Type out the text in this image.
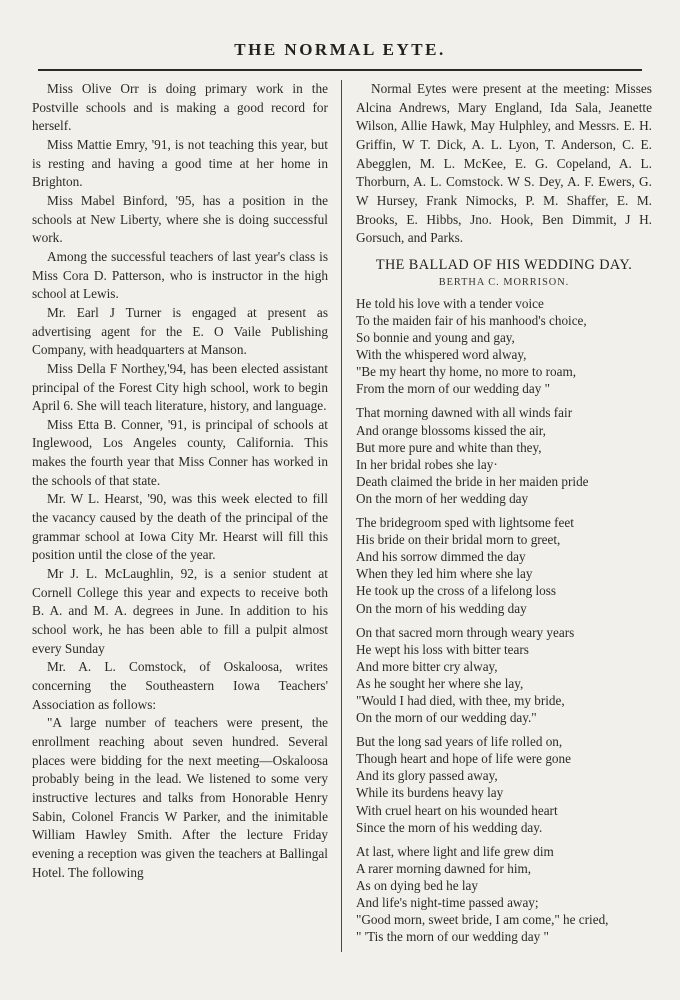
THE NORMAL EYTE.

Miss Olive Orr is doing primary work in the Postville schools and is making a good record for herself.

Miss Mattie Emry, '91, is not teaching this year, but is resting and having a good time at her home in Brighton.

Miss Mabel Binford, '95, has a position in the schools at New Liberty, where she is doing successful work.

Among the successful teachers of last year's class is Miss Cora D. Patterson, who is instructor in the high school at Lewis.

Mr. Earl J Turner is engaged at present as advertising agent for the E. O Vaile Publishing Company, with headquarters at Manson.

Miss Della F Northey,'94, has been elected assistant principal of the Forest City high school, work to begin April 6. She will teach literature, history, and language.

Miss Etta B. Conner, '91, is principal of schools at Inglewood, Los Angeles county, California. This makes the fourth year that Miss Conner has worked in the schools of that state.

Mr. W L. Hearst, '90, was this week elected to fill the vacancy caused by the death of the principal of the grammar school at Iowa City Mr. Hearst will fill this position until the close of the year.

Mr J. L. McLaughlin, 92, is a senior student at Cornell College this year and expects to receive both B. A. and M. A. degrees in June. In addition to his school work, he has been able to fill a pulpit almost every Sunday

Mr. A. L. Comstock, of Oskaloosa, writes concerning the Southeastern Iowa Teachers' Association as follows:

"A large number of teachers were present, the enrollment reaching about seven hundred. Several places were bidding for the next meeting—Oskaloosa probably being in the lead. We listened to some very instructive lectures and talks from Honorable Henry Sabin, Colonel Francis W Parker, and the inimitable William Hawley Smith. After the lecture Friday evening a reception was given the teachers at Ballingal Hotel. The following

Normal Eytes were present at the meeting: Misses Alcina Andrews, Mary England, Ida Sala, Jeanette Wilson, Allie Hawk, May Hulphley, and Messrs. E. H. Griffin, W T. Dick, A. L. Lyon, T. Anderson, C. E. Abegglen, M. L. McKee, E. G. Copeland, A. L. Thorburn, A. L. Comstock. W S. Dey, A. F. Ewers, G. W Hursey, Frank Nimocks, P. M. Shaffer, E. M. Brooks, E. Hibbs, Jno. Hook, Ben Dimmit, J H. Gorsuch, and Parks.

THE BALLAD OF HIS WEDDING DAY.
BERTHA C. MORRISON.
He told his love with a tender voice
To the maiden fair of his manhood's choice,
So bonnie and young and gay,
With the whispered word alway,
"Be my heart thy home, no more to roam,
From the morn of our wedding day "
That morning dawned with all winds fair
And orange blossoms kissed the air,
But more pure and white than they,
In her bridal robes she lay·
Death claimed the bride in her maiden pride
On the morn of her wedding day
The bridegroom sped with lightsome feet
His bride on their bridal morn to greet,
And his sorrow dimmed the day
When they led him where she lay
He took up the cross of a lifelong loss
On the morn of his wedding day
On that sacred morn through weary years
He wept his loss with bitter tears
And more bitter cry alway,
As he sought her where she lay,
"Would I had died, with thee, my bride,
On the morn of our wedding day."
But the long sad years of life rolled on,
Though heart and hope of life were gone
And its glory passed away,
While its burdens heavy lay
With cruel heart on his wounded heart
Since the morn of his wedding day.
At last, where light and life grew dim
A rarer morning dawned for him,
As on dying bed he lay
And life's night-time passed away;
"Good morn, sweet bride, I am come," he cried,
" 'Tis the morn of our wedding day "
